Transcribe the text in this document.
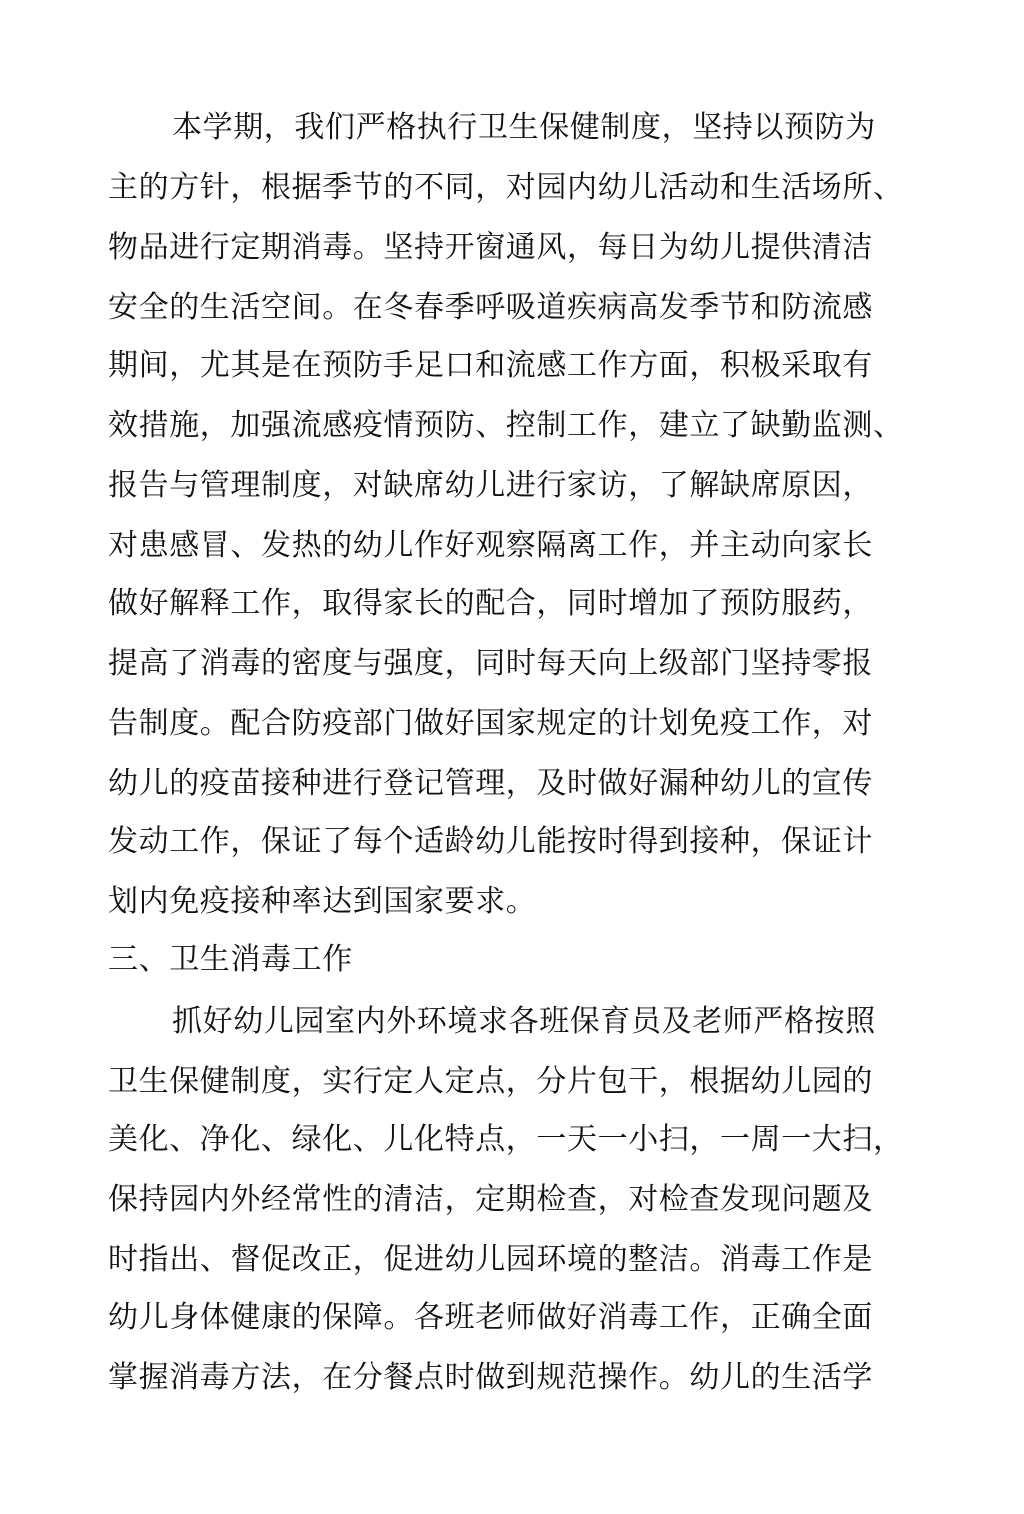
本学期，我们严格执行卫生保健制度，坚持以预防为
主的方针，根据季节的不同，对园内幼儿活动和生活场所、
物品进行定期消毒。坚持开窗通风，每日为幼儿提供清洁
安全的生活空间。在冬春季呼吸道疾病高发季节和防流感
期间，尤其是在预防手足口和流感工作方面，积极采取有
效措施，加强流感疫情预防、控制工作，建立了缺勤监测、
报告与管理制度，对缺席幼儿进行家访，了解缺席原因，
对患感冒、发热的幼儿作好观察隔离工作，并主动向家长
做好解释工作，取得家长的配合，同时增加了预防服药，
提高了消毒的密度与强度，同时每天向上级部门坚持零报
告制度。配合防疫部门做好国家规定的计划免疫工作，对
幼儿的疫苗接种进行登记管理，及时做好漏种幼儿的宣传
发动工作，保证了每个适龄幼儿能按时得到接种，保证计
划内免疫接种率达到国家要求。
三、卫生消毒工作
抓好幼儿园室内外环境求各班保育员及老师严格按照
卫生保健制度，实行定人定点，分片包干，根据幼儿园的
美化、净化、绿化、儿化特点，一天一小扫，一周一大扫，
保持园内外经常性的清洁，定期检查，对检查发现问题及
时指出、督促改正，促进幼儿园环境的整洁。消毒工作是
幼儿身体健康的保障。各班老师做好消毒工作，正确全面
掌握消毒方法，在分餐点时做到规范操作。幼儿的生活学
